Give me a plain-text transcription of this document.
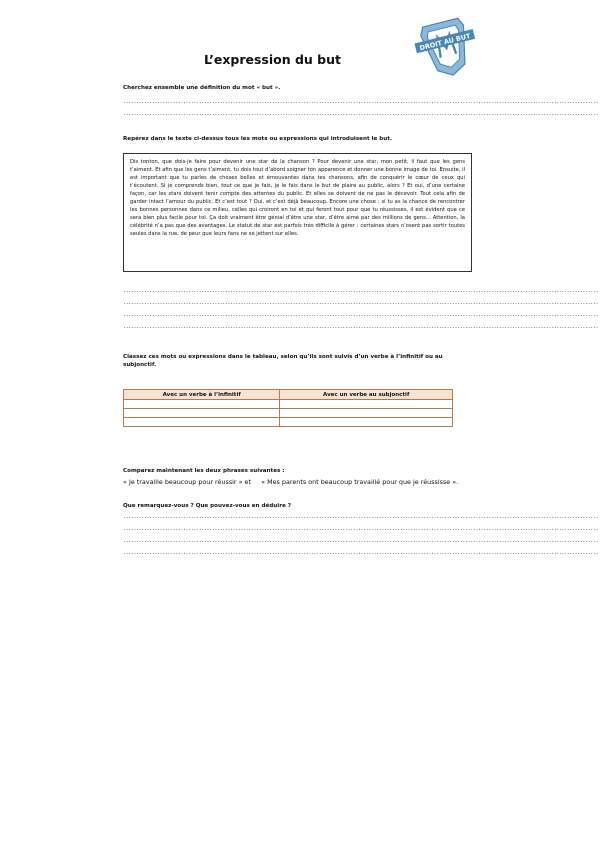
L’expression du but
DROIT AU BUT
Cherchez ensemble une définition du mot « but ».
......................................................................................................................................................................................
......................................................................................................................................................................................
Repérez dans le texte ci-dessus tous les mots ou expressions qui introduisent le but.
Dis tonton, que dois-je faire pour devenir une star de la chanson ? Pour devenir une star, mon petit, il faut que les gens t’aiment. Et afin que les gens t’aiment, tu dois tout d’abord soigner ton apparence et donner une bonne image de toi. Ensuite, il est important que tu parles de choses belles et émouvantes dans tes chansons, afin de conquérir le cœur de ceux qui t’écoutent. Si je comprends bien, tout ce que je fais, je le fais dans le but de plaire au public, alors ? Et oui, d’une certaine façon, car les stars doivent tenir compte des attentes du public. Et elles se doivent de ne pas le décevoir. Tout cela afin de garder intact l’amour du public. Et c’est tout ? Oui, et c’est déjà beaucoup. Encore une chose : si tu as la chance de rencontrer les bonnes personnes dans ce milieu, celles qui croiront en toi et qui feront tout pour que tu réussisses, il est évident que ce sera bien plus facile pour toi. Ça doit vraiment être génial d’être une star, d’être aimé par des millions de gens... Attention, la célébrité n’a pas que des avantages. Le statut de star est parfois très difficile à gérer : certaines stars n’osent pas sortir toutes seules dans la rue, de peur que leurs fans ne se jettent sur elles.
......................................................................................................................................................................................
......................................................................................................................................................................................
......................................................................................................................................................................................
......................................................................................................................................................................................
Classez ces mots ou expressions dans le tableau, selon qu’ils sont suivis d’un verbe à l’infinitif ou au subjonctif.
Avec un verbe à l’infinitif	Avec un verbe au subjonctif

Comparez maintenant les deux phrases suivantes :
« Je travaille beaucoup pour réussir » et « Mes parents ont beaucoup travaillé pour que je réussisse ».
Que remarquez-vous ? Que pouvez-vous en déduire ?
......................................................................................................................................................................................
......................................................................................................................................................................................
......................................................................................................................................................................................
......................................................................................................................................................................................
